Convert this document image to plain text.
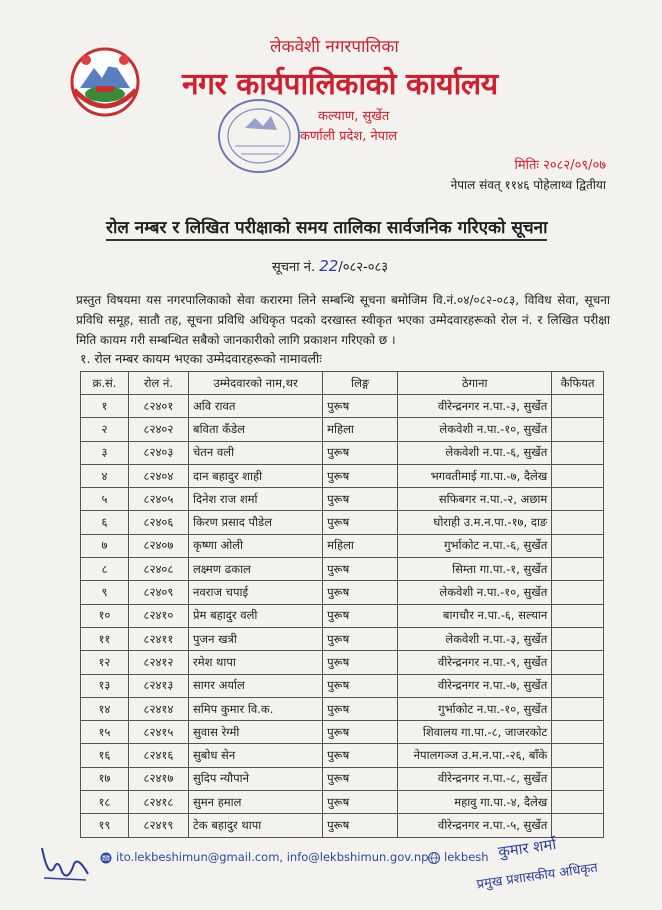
लेकवेशी नगरपालिका
नगर कार्यपालिकाको कार्यालय
कल्याण, सुर्खेत
कर्णाली प्रदेश, नेपाल
मितिः २०८२/०९/०७
नेपाल संवत् ११४६ पोहेलाथ्व द्वितीया
रोल नम्बर र लिखित परीक्षाको समय तालिका सार्वजनिक गरिएको सूचना
सूचना नं. 22/०८२-०८३
प्रस्तुत विषयमा यस नगरपालिकाको सेवा करारमा लिने सम्बन्धि सूचना बमोजिम वि.नं.०४/०८२-०८३, विविध सेवा, सूचना प्रविधि समूह, सातौ तह, सूचना प्रविधि अधिकृत पदको दरखास्त स्वीकृत भएका उम्मेदवारहरूको रोल नं. र लिखित परीक्षा मिति कायम गरी सम्बन्धित सबैको जानकारीको लागि प्रकाशन गरिएको छ ।
१. रोल नम्बर कायम भएका उम्मेदवारहरूको नामावलीः
क्र.सं.	रोल नं.	उम्मेदवारको नाम,थर	लिङ्ग	ठेगाना	कैफियत
१	८२४०१	अवि रावत	पुरूष	वीरेन्द्रनगर न.पा.-३, सुर्खेत	
२	८२४०२	बविता कँडेल	महिला	लेकवेशी न.पा.-१०, सुर्खेत	
३	८२४०३	चेतन वली	पुरूष	लेकवेशी न.पा.-६, सुर्खेत	
४	८२४०४	दान बहादुर शाही	पुरूष	भगवतीमाई गा.पा.-७, दैलेख	
५	८२४०५	दिनेश राज शर्मा	पुरूष	सफिबगर न.पा.-२, अछाम	
६	८२४०६	किरण प्रसाद पौडेल	पुरूष	घोराही उ.म.न.पा.-१७, दाङ	
७	८२४०७	कृष्णा ओली	महिला	गुर्भाकोट न.पा.-६, सुर्खेत	
८	८२४०८	लक्ष्मण ढकाल	पुरूष	सिम्ता गा.पा.-१, सुर्खेत	
९	८२४०९	नवराज चपाई	पुरूष	लेकवेशी न.पा.-१०, सुर्खेत	
१०	८२४१०	प्रेम बहादुर वली	पुरूष	बागचौर न.पा.-६, सल्यान	
११	८२४११	पुजन खत्री	पुरूष	लेकवेशी न.पा.-३, सुर्खेत	
१२	८२४१२	रमेश थापा	पुरूष	वीरेन्द्रनगर न.पा.-९, सुर्खेत	
१३	८२४१३	सागर अर्याल	पुरूष	वीरेन्द्रनगर न.पा.-७, सुर्खेत	
१४	८२४१४	समिप कुमार वि.क.	पुरूष	गुर्भाकोट न.पा.-१०, सुर्खेत	
१५	८२४१५	सुवास रेग्मी	पुरूष	शिवालय गा.पा.-८, जाजरकोट	
१६	८२४१६	सुबोध सेन	पुरूष	नेपालगञ्ज उ.म.न.पा.-२६, बाँके	
१७	८२४१७	सुदिप न्यौपाने	पुरूष	वीरेन्द्रनगर न.पा.-८, सुर्खेत	
१८	८२४१८	सुमन हमाल	पुरूष	महावु गा.पा.-४, दैलेख	
१९	८२४१९	टेक बहादुर थापा	पुरूष	वीरेन्द्रनगर न.पा.-५, सुर्खेत	
ito.lekbeshimun@gmail.com, info@lekbshimun.gov.np lekbesh कुमार शर्मा
प्रमुख प्रशासकीय अधिकृत
